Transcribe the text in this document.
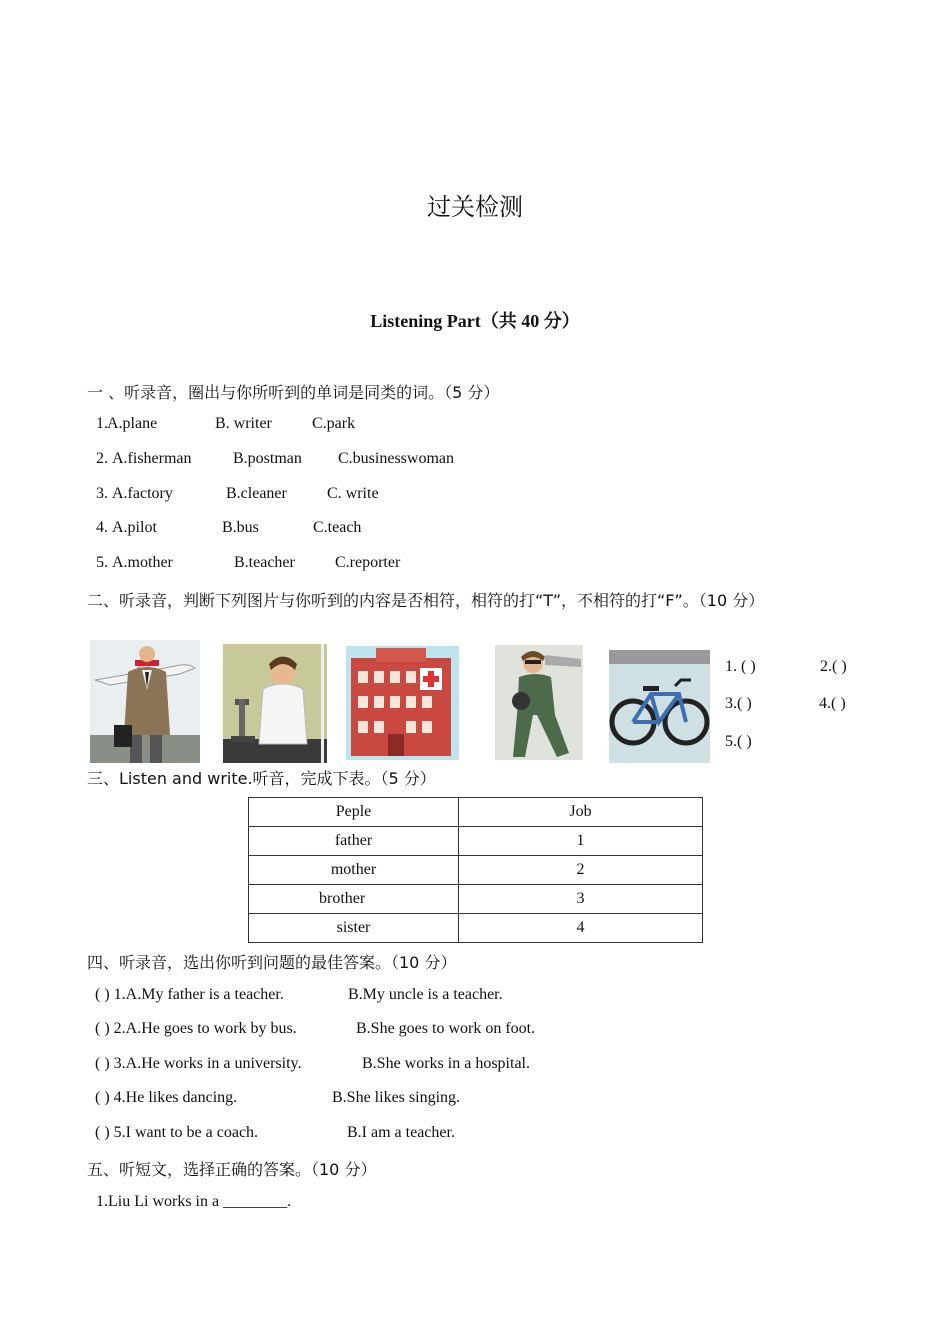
过关检测
Listening Part（共 40 分）
一 、听录音，圈出与你所听到的单词是同类的词。（5 分）
1. A.plane	B. writer	C.park
2. A.fisherman	B.postman C.businesswoman
3. A.factory	B.cleaner	C. write
4. A.pilot	B.bus	C.teach
5. A.mother	B.teacher	C.reporter
二、听录音，判断下列图片与你听到的内容是否相符，相符的打“T”，不相符的打“F”。（10 分）
1. ( )	2.( )
3.( )	4.( )
5.( )
三、Listen and write.听音，完成下表。（5 分）
Peple	Job
father	1
mother	2
brother	3
sister	4
四、听录音，选出你听到问题的最佳答案。（10 分）
( ) 1.A.My father is a teacher.	B.My uncle is a teacher.
( ) 2.A.He goes to work by bus.	B.She goes to work on foot.
( ) 3.A.He works in a university.	B.She works in a hospital.
( ) 4.He likes dancing.	B.She likes singing.
( ) 5.I want to be a coach.	B.I am a teacher.
五、听短文，选择正确的答案。（10 分）
1.Liu Li works in a ________.
